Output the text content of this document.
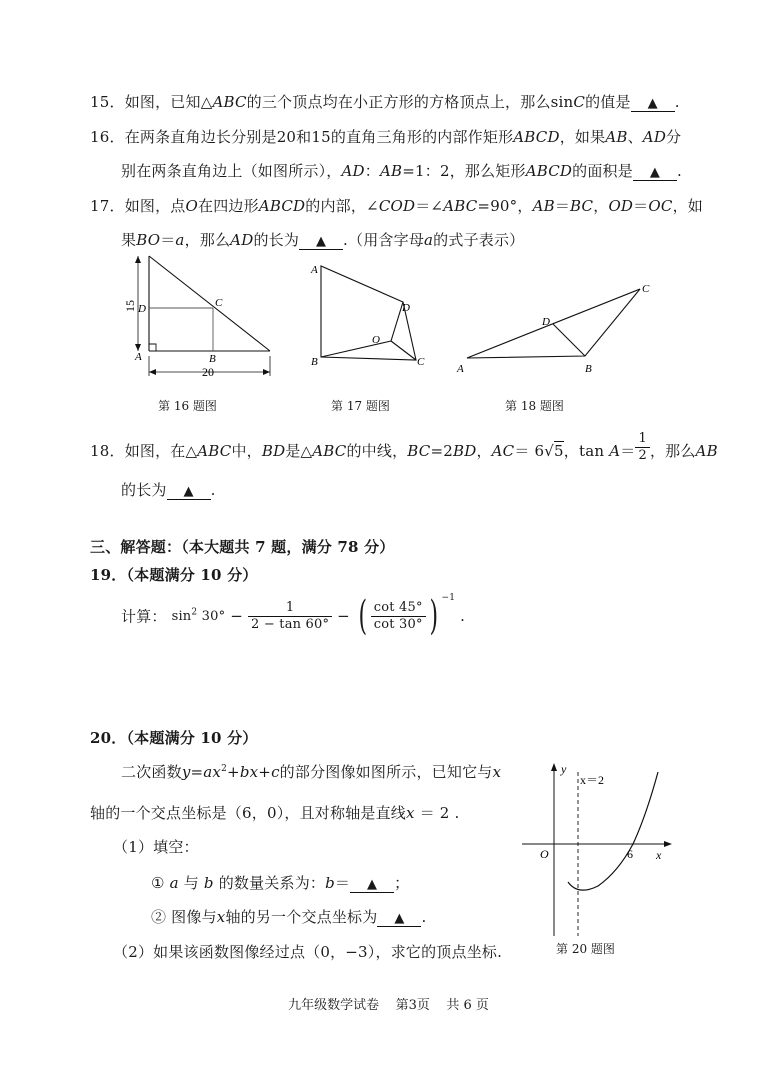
15．如图，已知△ABC的三个顶点均在小正方形的方格顶点上，那么sinC的值是 ▲ .
16．在两条直角边长分别是20和15的直角三角形的内部作矩形ABCD，如果AB、AD分
别在两条直角边上（如图所示），AD：AB=1：2，那么矩形ABCD的面积是 ▲ .
17．如图，点O在四边形ABCD的内部，∠COD＝∠ABC=90°，AB＝BC，OD＝OC，如
果BO＝a，那么AD的长为 ▲ .（用含字母a的式子表示）
15
20
D	C
A	B
第 16 题图
A
B
D
O
C
第 17 题图
A	B
C
D
第 18 题图
18．如图，在△ABC中，BD是△ABC的中线，BC=2BD，AC＝ 6√5，$\tan A= \frac{1}{2}$ ，那么AB
的长为 ▲ .
三、解答题：（本大题共 7 题，满分 78 分）
19．（本题满分 10 分）
计算： $\sin^2 30^\circ - \frac{1}{2 - \tan 60^\circ}$ − ( $\frac{\cot 45^\circ}{\cot 30^\circ}$ ) $^{-1}$ .
20．（本题满分 10 分）
二次函数$y=ax^2+bx+c$的部分图像如图所示，已知它与x
轴的一个交点坐标是（6，0），且对称轴是直线x ＝ 2 .
（1）填空：
① a 与 b 的数量关系为：b＝ ▲ ；
② 图像与x轴的另一个交点坐标为 ▲ .
（2）如果该函数图像经过点（0，−3），求它的顶点坐标.
y
x
O	6
x＝2
第 20 题图
九年级数学试卷    第3页    共 6 页
